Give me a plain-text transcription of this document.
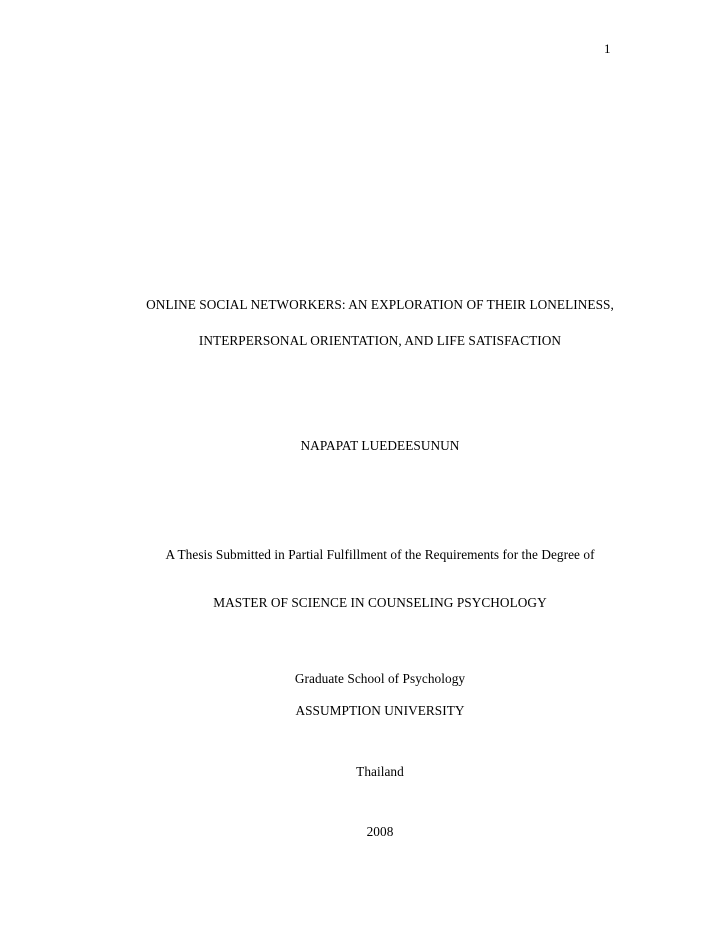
1
ONLINE SOCIAL NETWORKERS: AN EXPLORATION OF THEIR LONELINESS,
INTERPERSONAL ORIENTATION, AND LIFE SATISFACTION
NAPAPAT LUEDEESUNUN
A Thesis Submitted in Partial Fulfillment of the Requirements for the Degree of
MASTER OF SCIENCE IN COUNSELING PSYCHOLOGY
Graduate School of Psychology
ASSUMPTION UNIVERSITY
Thailand
2008
